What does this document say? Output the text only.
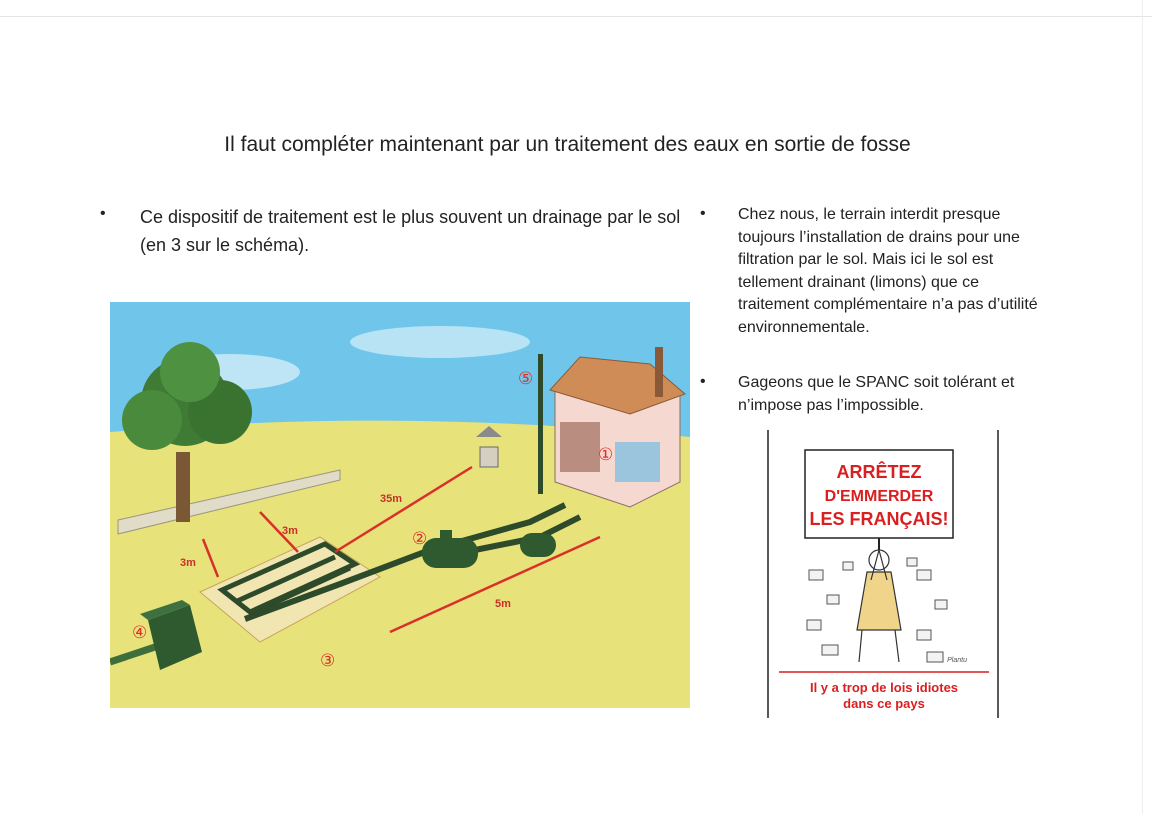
Il faut compléter maintenant par un traitement des eaux en sortie de fosse
• Ce dispositif de traitement est le plus souvent un drainage par le sol (en 3 sur le schéma).
• Chez nous, le terrain interdit presque toujours l’installation de drains pour une filtration par le sol. Mais ici le sol est tellement drainant (limons) que ce traitement complémentaire n’a pas d’utilité environnementale.
• Gageons que le SPANC soit tolérant et n’impose pas l’impossible.
35m
3m
3m
5m
①
②
③
④
⑤
ARRÊTEZ
D'EMMERDER
LES FRANÇAIS!
Plantu
Il y a trop de lois idiotes
dans ce pays
